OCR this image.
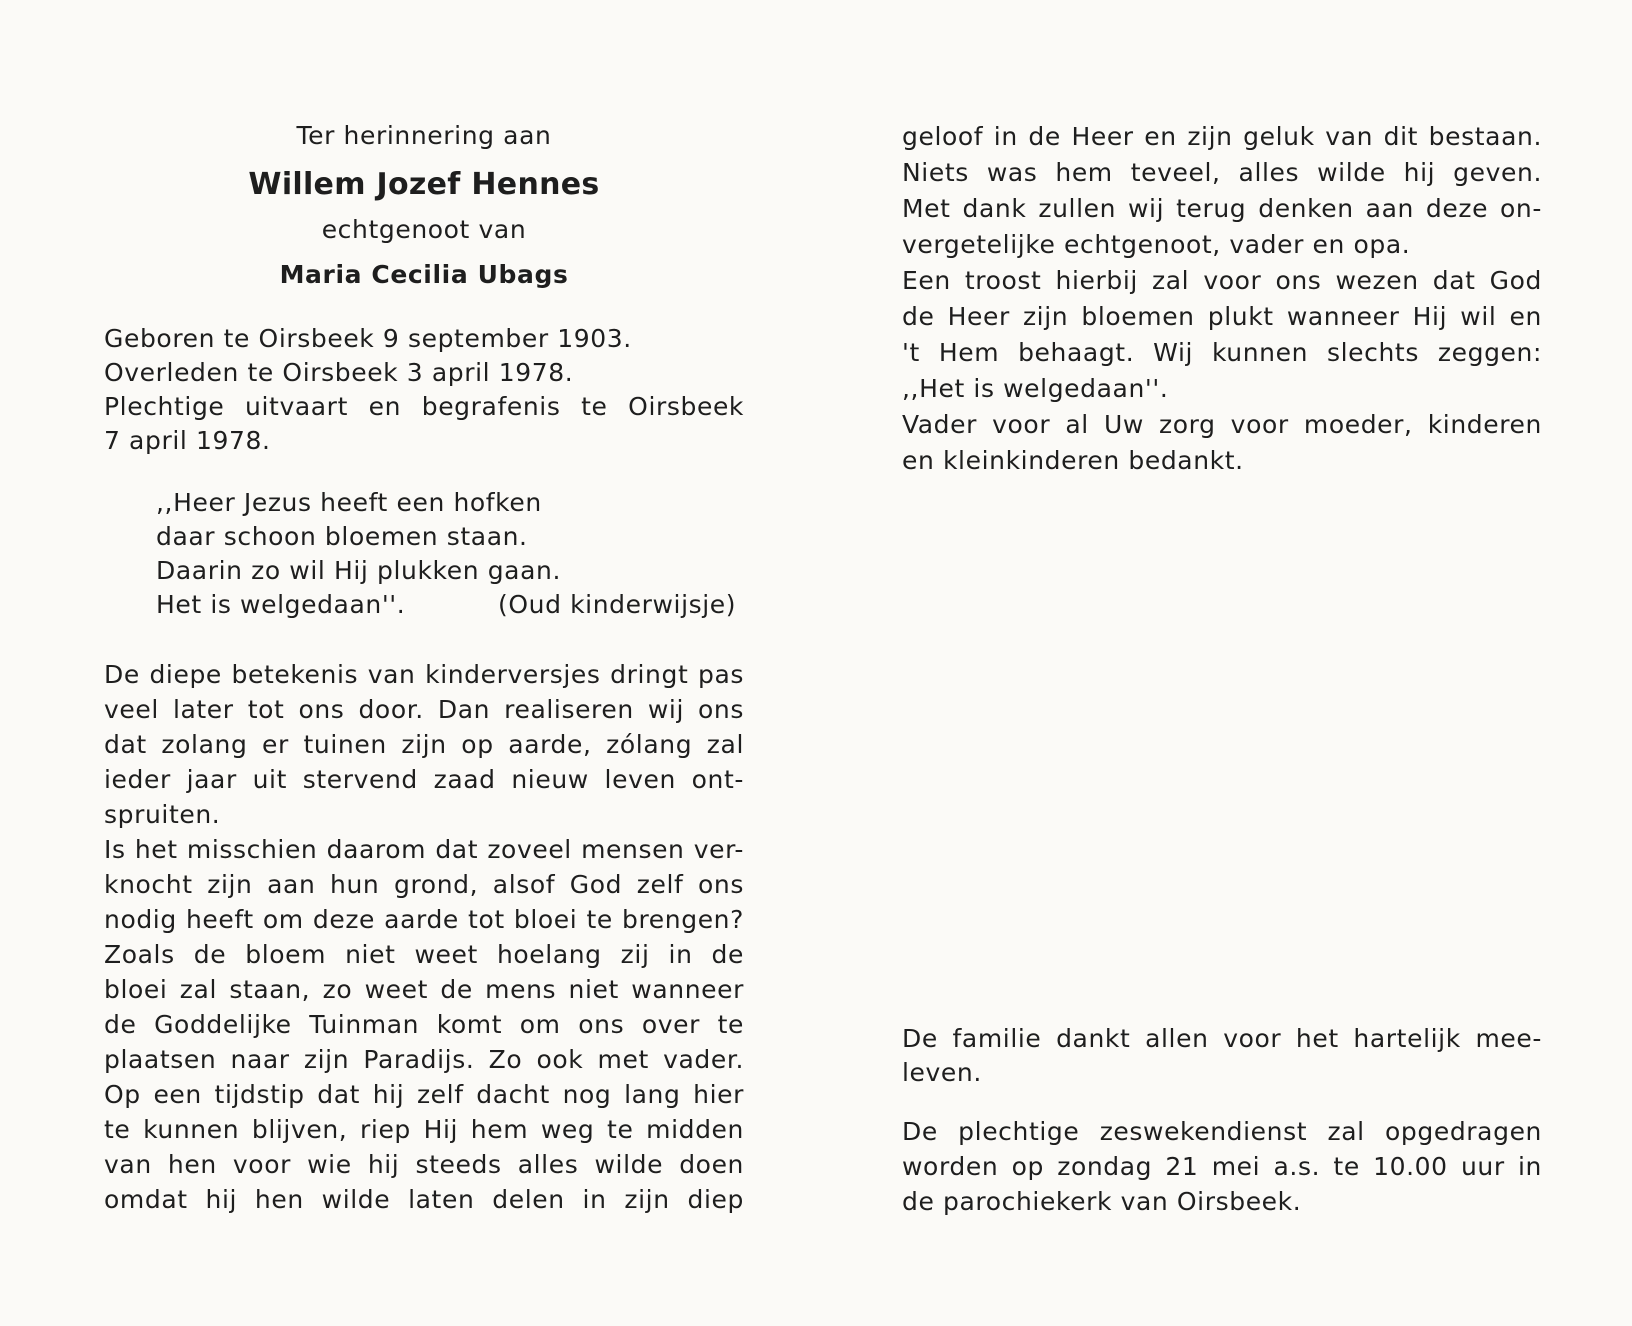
Ter herinnering aan
Willem Jozef Hennes
echtgenoot van
Maria Cecilia Ubags
Geboren te Oirsbeek 9 september 1903.
Overleden te Oirsbeek 3 april 1978.
Plechtige uitvaart en begrafenis te Oirsbeek
7 april 1978.
,,Heer Jezus heeft een hofken
daar schoon bloemen staan.
Daarin zo wil Hij plukken gaan.
Het is welgedaan''.	(Oud kinderwijsje)
De diepe betekenis van kinderversjes dringt pas
veel later tot ons door. Dan realiseren wij ons
dat zolang er tuinen zijn op aarde, zólang zal
ieder jaar uit stervend zaad nieuw leven ont-
spruiten.
Is het misschien daarom dat zoveel mensen ver-
knocht zijn aan hun grond, alsof God zelf ons
nodig heeft om deze aarde tot bloei te brengen?
Zoals de bloem niet weet hoelang zij in de
bloei zal staan, zo weet de mens niet wanneer
de Goddelijke Tuinman komt om ons over te
plaatsen naar zijn Paradijs. Zo ook met vader.
Op een tijdstip dat hij zelf dacht nog lang hier
te kunnen blijven, riep Hij hem weg te midden
van hen voor wie hij steeds alles wilde doen
omdat hij hen wilde laten delen in zijn diep
geloof in de Heer en zijn geluk van dit bestaan.
Niets was hem teveel, alles wilde hij geven.
Met dank zullen wij terug denken aan deze on-
vergetelijke echtgenoot, vader en opa.
Een troost hierbij zal voor ons wezen dat God
de Heer zijn bloemen plukt wanneer Hij wil en
't Hem behaagt. Wij kunnen slechts zeggen:
,,Het is welgedaan''.
Vader voor al Uw zorg voor moeder, kinderen
en kleinkinderen bedankt.
De familie dankt allen voor het hartelijk mee-
leven.
De plechtige zeswekendienst zal opgedragen
worden op zondag 21 mei a.s. te 10.00 uur in
de parochiekerk van Oirsbeek.
